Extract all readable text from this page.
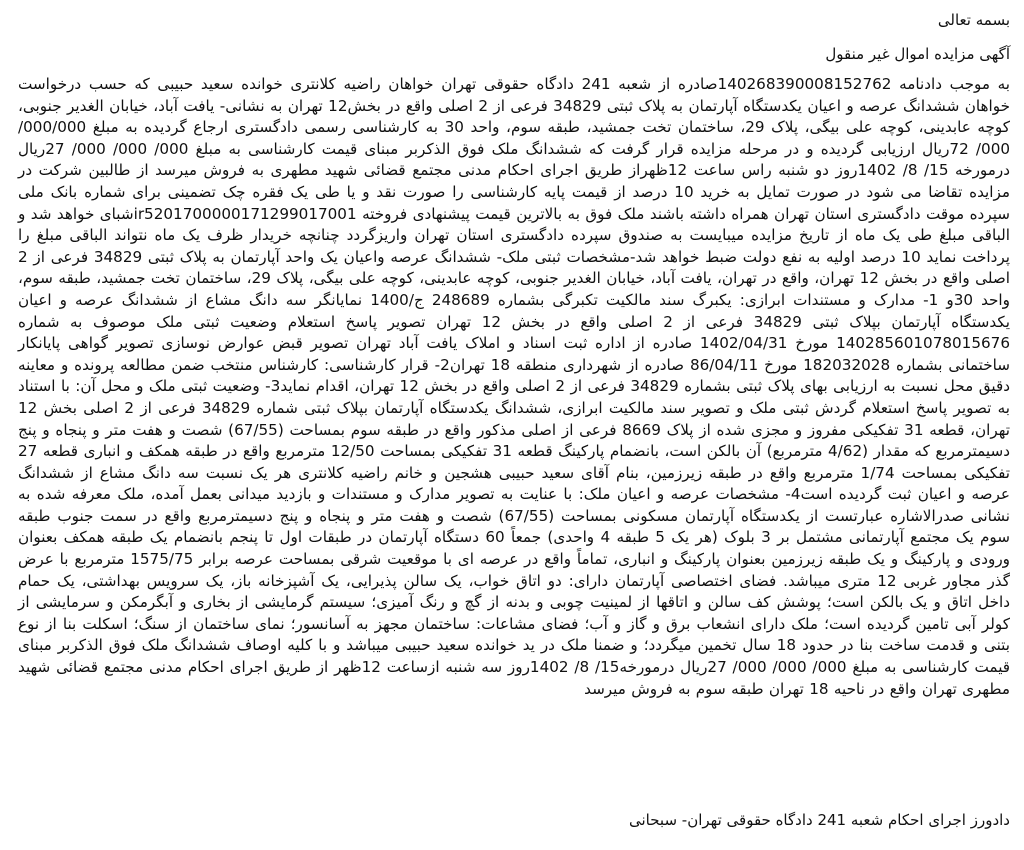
بسمه تعالی

آگهی مزایده اموال غیر منقول

به موجب دادنامه 140268390008152762صادره از شعبه 241 دادگاه حقوقی تهران خواهان راضیه کلانتری خوانده سعید حبیبی که حسب درخواست خواهان ششدانگ عرصه و اعیان یکدستگاه آپارتمان به پلاک ثبتی 34829 فرعی از 2 اصلی واقع در بخش12 تهران به نشانی- یافت آباد، خیابان الغدیر جنوبی، کوچه عابدینی، کوچه علی بیگی، پلاک 29، ساختمان تخت جمشید، طبقه سوم، واحد 30 به کارشناسی رسمی دادگستری ارجاع گردیده به مبلغ 000/000/ 000/ 72ریال ارزیابی گردیده و در مرحله مزایده قرار گرفت که ششدانگ ملک فوق الذکربر مبنای قیمت کارشناسی به مبلغ 000/ 000/ 000/ 27ریال درمورخه 15/ 8/ 1402روز دو شنبه راس ساعت 12ظهراز طریق اجرای احکام مدنی مجتمع قضائی شهید مطهری به فروش میرسد از طالبین شرکت در مزایده تقاضا می شود در صورت تمایل به خرید 10 درصد از قیمت پایه کارشناسی را صورت نقد و یا طی یک فقره چک تضمینی برای شماره بانک ملی سپرده موقت دادگستری استان تهران همراه داشته باشند ملک فوق به بالاترین قیمت پیشنهادی فروخته ir520170000017129901700‌1شبای خواهد شد و الباقی مبلغ طی یک ماه از تاریخ مزایده میبایست به صندوق سپرده دادگستری استان تهران واریزگردد چنانچه خریدار ظرف یک ماه نتواند الباقی مبلغ را پرداخت نماید 10 درصد اولیه به نفع دولت ضبط خواهد شد-مشخصات ثبتی ملک- ششدانگ عرصه واعیان یک واحد آپارتمان به پلاک ثبتی 34829 فرعی از 2 اصلی واقع در بخش 12 تهران، واقع در تهران، یافت آباد، خیابان الغدیر جنوبی، کوچه عابدینی، کوچه علی بیگی، پلاک 29، ساختمان تخت جمشید، طبقه سوم، واحد 30و 1- مدارک و مستندات ابرازی: یکبرگ سند مالکیت تکبرگی بشماره 248689 ج/1400 نمایانگر سه دانگ مشاع از ششدانگ عرصه و اعیان یکدستگاه آپارتمان بپلاک ثبتی 34829 فرعی از 2 اصلی واقع در بخش 12 تهران تصویر پاسخ استعلام وضعیت ثبتی ملک موصوف به شماره 140285601078015676 مورخ 1402/04/31 صادره از اداره ثبت اسناد و املاک یافت آباد تهران تصویر قبض عوارض نوسازی تصویر گواهی پایانکار ساختمانی بشماره 182032028 مورخ 86/04/11 صادره از شهرداری منطقه 18 تهران2- قرار کارشناسی: کارشناس منتخب ضمن مطالعه پرونده و معاینه دقیق محل نسبت به ارزیابی بهای پلاک ثبتی بشماره 34829 فرعی از 2 اصلی واقع در بخش 12 تهران، اقدام نماید3- وضعیت ثبتی ملک و محل آن: با استناد به تصویر پاسخ استعلام گردش ثبتی ملک و تصویر سند مالکیت ابرازی، ششدانگ یکدستگاه آپارتمان بپلاک ثبتی شماره 34829 فرعی از 2 اصلی بخش 12 تهران، قطعه 31 تفکیکی مفروز و مجزی شده از پلاک 8669 فرعی از اصلی مذکور واقع در طبقه سوم بمساحت (67/55) شصت و هفت متر و پنجاه و پنج دسیمترمربع که مقدار (4/62 مترمربع) آن بالکن است، بانضمام پارکینگ قطعه 31 تفکیکی بمساحت 12/50 مترمربع واقع در طبقه همکف و انباری قطعه 27 تفکیکی بمساحت 1/74 مترمربع واقع در طبقه زیرزمین، بنام آقای سعید حبیبی هشجین و خانم راضیه کلانتری هر یک نسبت سه دانگ مشاع از ششدانگ عرصه و اعیان ثبت گردیده است4- مشخصات عرصه و اعیان ملک: با عنایت به تصویر مدارک و مستندات و بازدید میدانی بعمل آمده، ملک معرفه شده به نشانی صدرالاشاره عبارتست از یکدستگاه آپارتمان مسکونی بمساحت (67/55) شصت و هفت متر و پنجاه و پنج دسیمترمربع واقع در سمت جنوب طبقه سوم یک مجتمع آپارتمانی مشتمل بر 3 بلوک (هر یک 5 طبقه 4 واحدی) جمعاً 60 دستگاه آپارتمان در طبقات اول تا پنجم بانضمام یک طبقه همکف بعنوان ورودی و پارکینگ و یک طبقه زیرزمین بعنوان پارکینگ و انباری، تماماً واقع در عرصه ای با موقعیت شرقی بمساحت عرصه برابر 1575/75 مترمربع با عرض گذر مجاور غربی 12 متری میباشد. فضای اختصاصی آپارتمان دارای: دو اتاق خواب، یک سالن پذیرایی، یک آشپزخانه باز، یک سرویس بهداشتی، یک حمام داخل اتاق و یک بالکن است؛ پوشش کف سالن و اتاقها از لمینیت چوبی و بدنه از گچ و رنگ آمیزی؛ سیستم گرمایشی از بخاری و آبگرمکن و سرمایشی از کولر آبی تامین گردیده است؛ ملک دارای انشعاب برق و گاز و آب؛ فضای مشاعات: ساختمان مجهز به آسانسور؛ نمای ساختمان از سنگ؛ اسکلت بنا از نوع بتنی و قدمت ساخت بنا در حدود 18 سال تخمین میگردد؛ و ضمنا ملک در ید خوانده سعید حبیبی میباشد و با کلیه اوصاف ششدانگ ملک فوق الذکربر مبنای قیمت کارشناسی به مبلغ 000/ 000/ 000/ 27ریال درمورخه15/ 8/ 1402روز سه شنبه ازساعت 12ظهر از طریق اجرای احکام مدنی مجتمع قضائی شهید مطهری تهران واقع در ناحیه 18 تهران طبقه سوم به فروش میرسد

دادورز اجرای احکام شعبه 241 دادگاه حقوقی تهران- سبحانی
